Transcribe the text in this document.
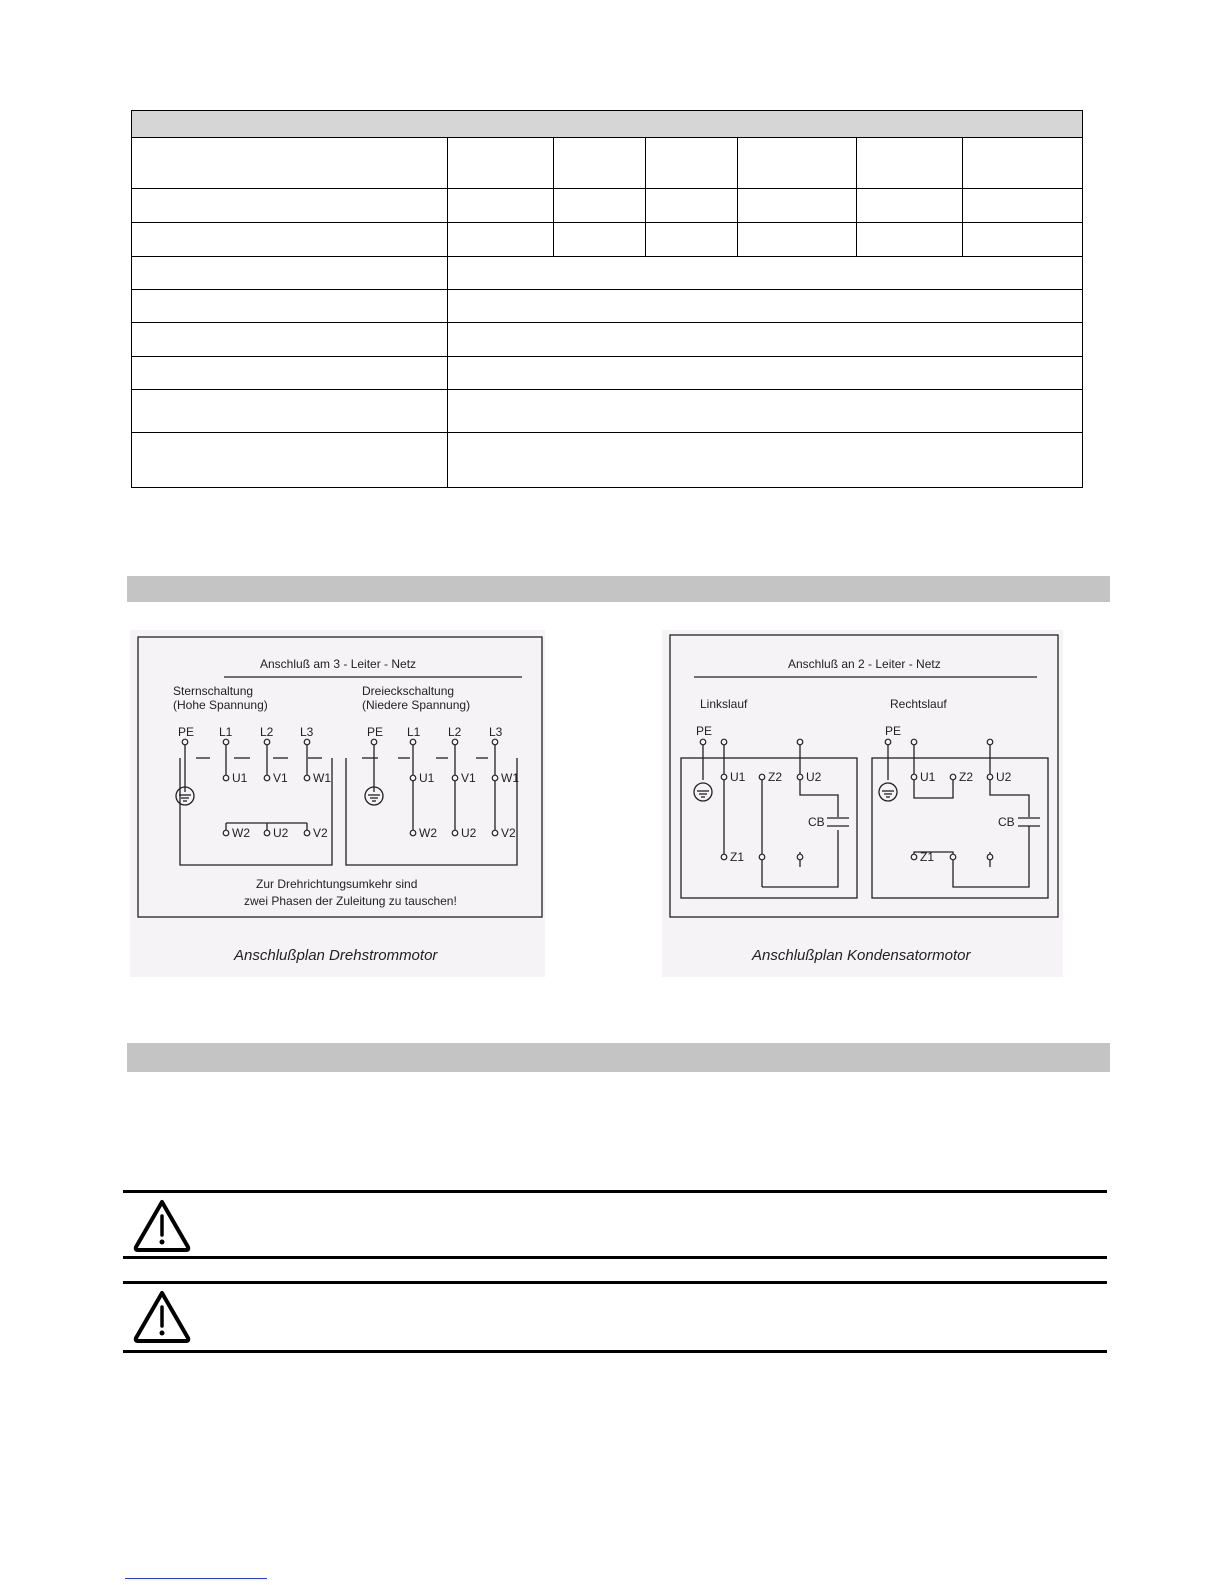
Anschluß am 3 - Leiter - Netz
Sternschaltung
(Hohe Spannung)
Dreieckschaltung
(Niedere Spannung)
PE L1 L2 L3
U1 V1 W1
W2 U2 V2
PE L1 L2 L3
U1 V1 W1
W2 U2 V2
Zur Drehrichtungsumkehr sind
zwei Phasen der Zuleitung zu tauschen!
Anschlußplan Drehstrommotor
Anschluß an 2 - Leiter - Netz
Linkslauf	Rechtslauf
PE
U1 Z2 U2
CB
Z1
PE
U1 Z2 U2
CB
Z1
Anschlußplan Kondensatormotor
